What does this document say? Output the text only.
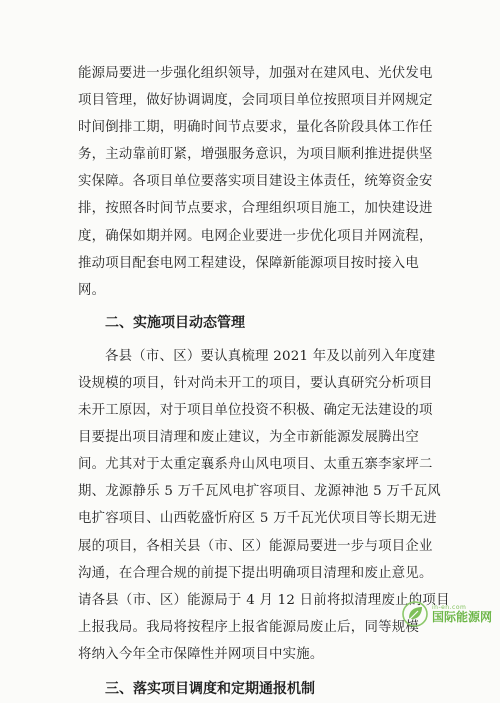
能源局要进一步强化组织领导，加强对在建风电、光伏发电

项目管理，做好协调调度，会同项目单位按照项目并网规定

时间倒排工期，明确时间节点要求，量化各阶段具体工作任

务，主动靠前盯紧，增强服务意识，为项目顺利推进提供坚

实保障。各项目单位要落实项目建设主体责任，统筹资金安

排，按照各时间节点要求，合理组织项目施工，加快建设进

度，确保如期并网。电网企业要进一步优化项目并网流程，

推动项目配套电网工程建设，保障新能源项目按时接入电

网。

二、实施项目动态管理

各县（市、区）要认真梳理 2021 年及以前列入年度建

设规模的项目，针对尚未开工的项目，要认真研究分析项目

未开工原因，对于项目单位投资不积极、确定无法建设的项

目要提出项目清理和废止建议，为全市新能源发展腾出空

间。尤其对于太重定襄系舟山风电项目、太重五寨李家坪二

期、龙源静乐 5 万千瓦风电扩容项目、龙源神池 5 万千瓦风

电扩容项目、山西乾盛忻府区 5 万千瓦光伏项目等长期无进

展的项目，各相关县（市、区）能源局要进一步与项目企业

沟通，在合理合规的前提下提出明确项目清理和废止意见。

请各县（市、区）能源局于 4 月 12 日前将拟清理废止的项目

上报我局。我局将按程序上报省能源局废止后，同等规模

将纳入今年全市保障性并网项目中实施。

三、落实项目调度和定期通报机制
in-en.com
国际能源网
